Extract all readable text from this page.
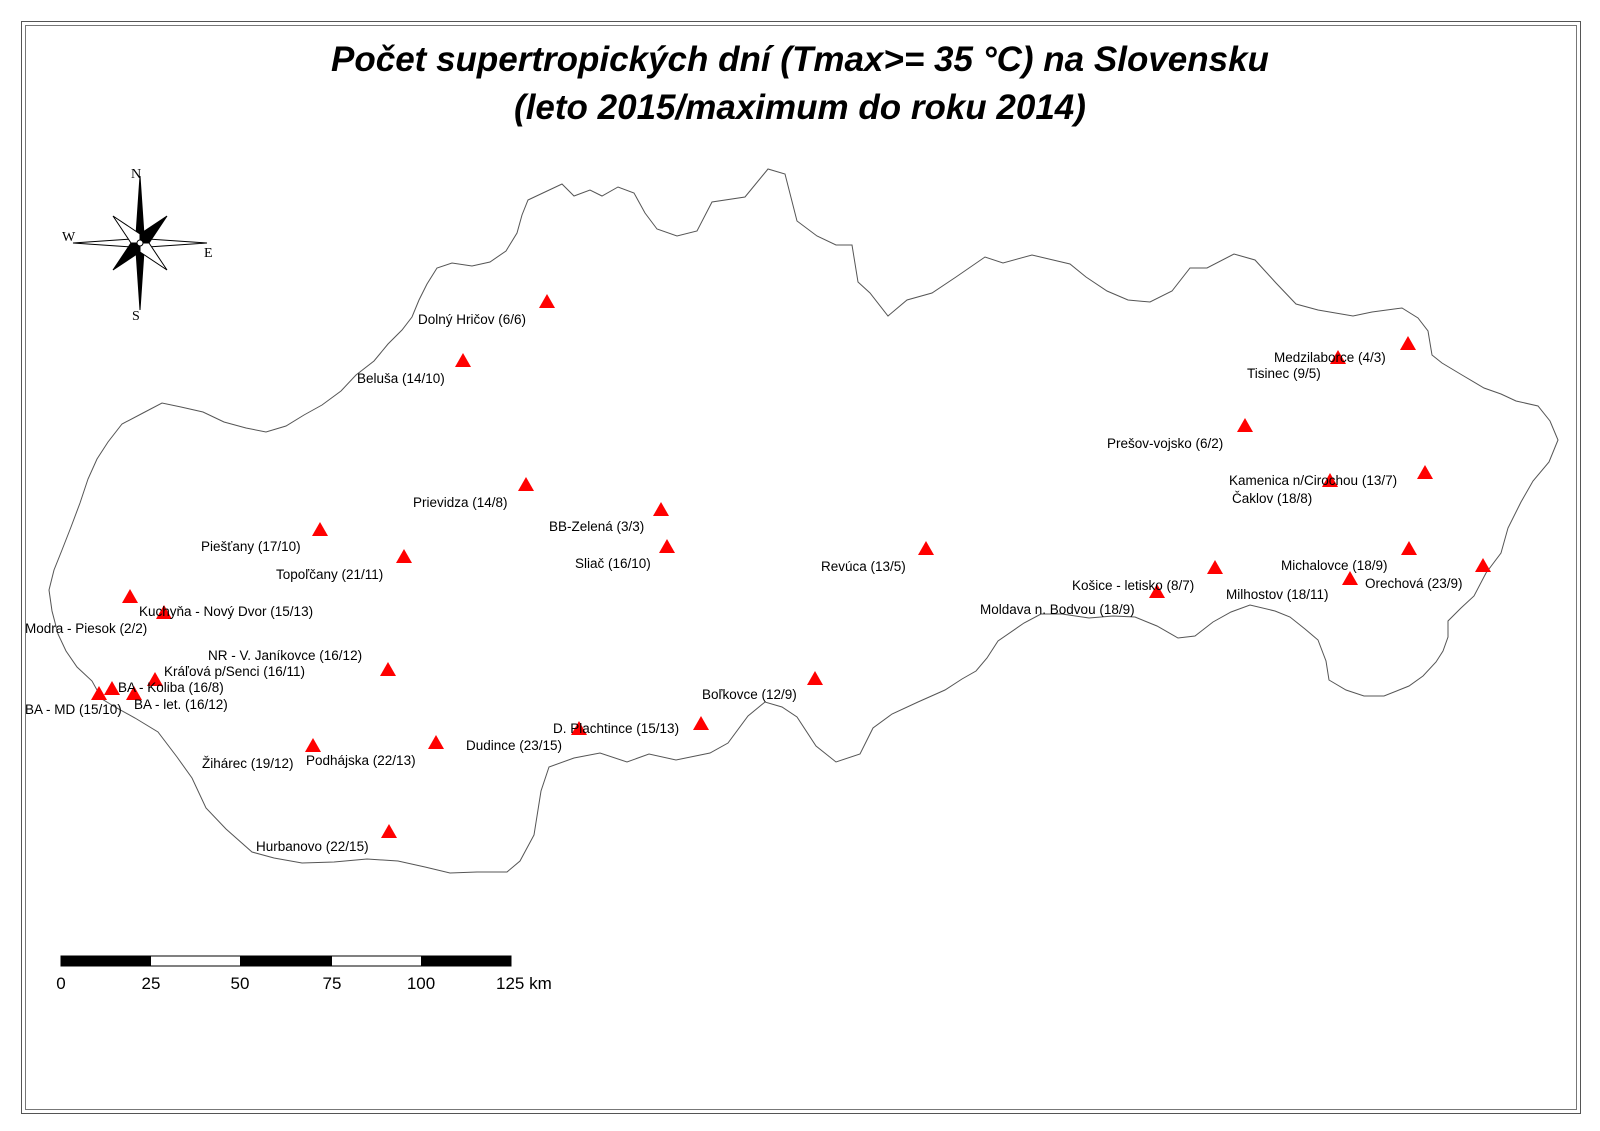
Počet supertropických dní (Tmax>= 35 °C) na Slovensku
(leto 2015/maximum do roku 2014)
N
S
E
W
Dolný Hričov (6/6)
Beluša (14/10)
Medzilaborce (4/3)
Tisinec (9/5)
Prešov-vojsko (6/2)
Kamenica n/Cirochou (13/7)
Čaklov (18/8)
Prievidza (14/8)
BB-Zelená (3/3)
Sliač (16/10)
Piešťany (17/10)
Topoľčany (21/11)
Revúca (13/5)	Michalovce (18/9)
Orechová (23/9)
Milhostov (18/11)
Košice - letisko (8/7)
Moldava n. Bodvou (18/9)
Kuchyňa - Nový Dvor (15/13)
Modra - Piesok (2/2)
NR - V. Janíkovce (16/12)
Kráľová p/Senci (16/11)
BA - Koliba (16/8)
BA - let. (16/12)
BA - MD (15/10)
Boľkovce (12/9)
D. Plachtince (15/13)
Dudince (23/15)
Žihárec (19/12) Podhájska (22/13)
Hurbanovo (22/15)
0	25	50	75	100	125 km
